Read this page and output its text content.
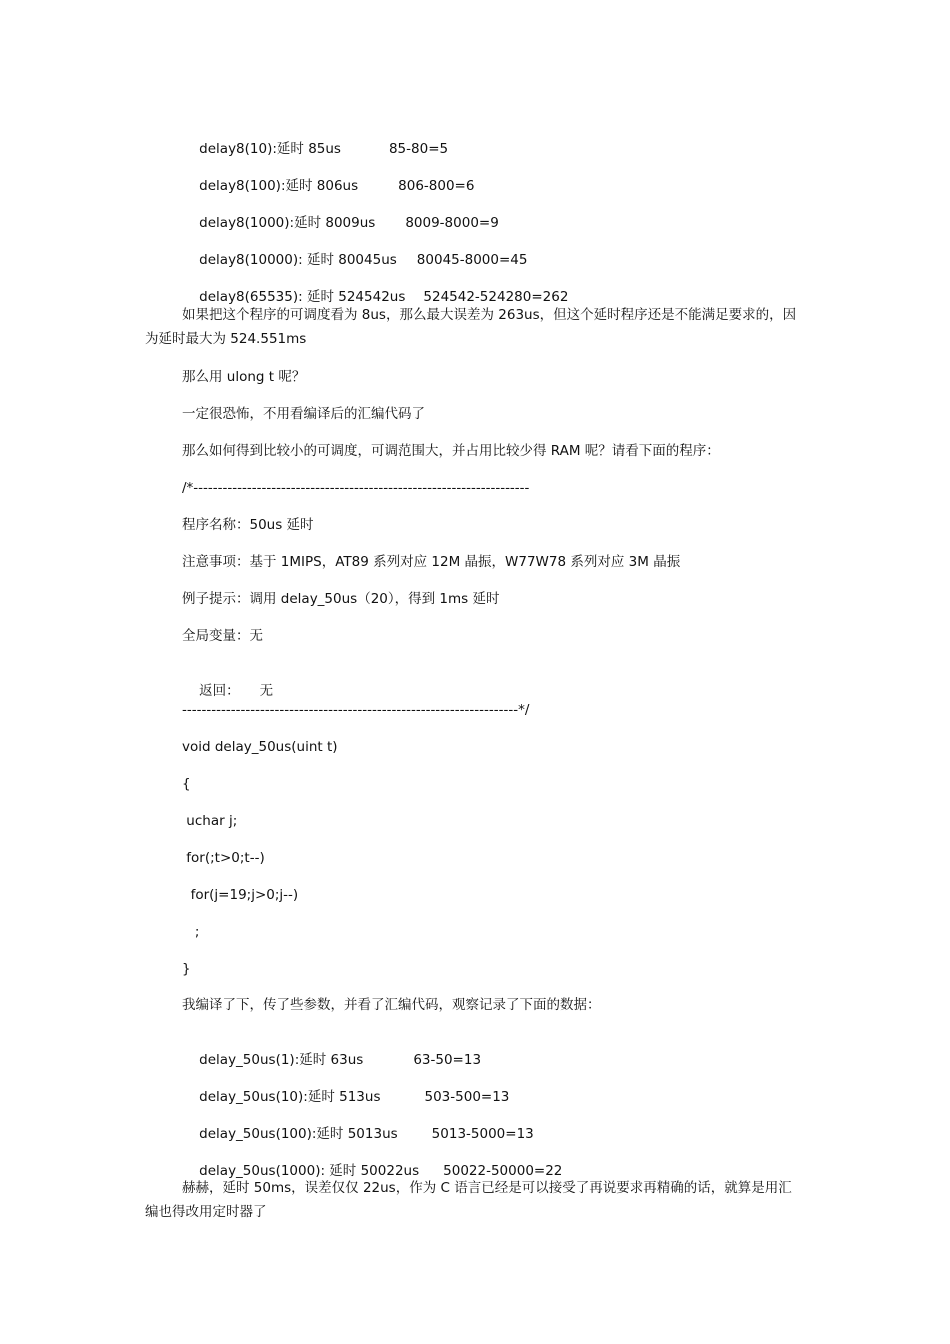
delay8(10):延时 85us	85-80=5

delay8(100):延时 806us	806-800=6

delay8(1000):延时 8009us 8009-8000=9

delay8(10000): 延时 80045us 80045-8000=45

delay8(65535): 延时 524542us 524542-524280=262

如果把这个程序的可调度看为 8us，那么最大误差为 263us，但这个延时程序还是不能满足要求的，因为延时最大为 524.551ms
那么用 ulong t 呢？
一定很恐怖，不用看编译后的汇编代码了
那么如何得到比较小的可调度，可调范围大，并占用比较少得 RAM 呢？请看下面的程序：
/*---------------------------------------------------------------------
程序名称：50us 延时
注意事项：基于 1MIPS，AT89 系列对应 12M 晶振，W77W78 系列对应 3M 晶振
例子提示：调用 delay_50us（20），得到 1ms 延时
全局变量：无

返回： 无

---------------------------------------------------------------------*/
void delay_50us(uint t)
{
uchar j;
for(;t>0;t--)
for(j=19;j>0;j--)
;
}
我编译了下，传了些参数，并看了汇编代码，观察记录了下面的数据：

delay_50us(1):延时 63us	63-50=13

delay_50us(10):延时 513us	503-500=13

delay_50us(100):延时 5013us	5013-5000=13

delay_50us(1000): 延时 50022us 50022-50000=22

赫赫，延时 50ms，误差仅仅 22us，作为 C 语言已经是可以接受了再说要求再精确的话，就算是用汇编也得改用定时器了
